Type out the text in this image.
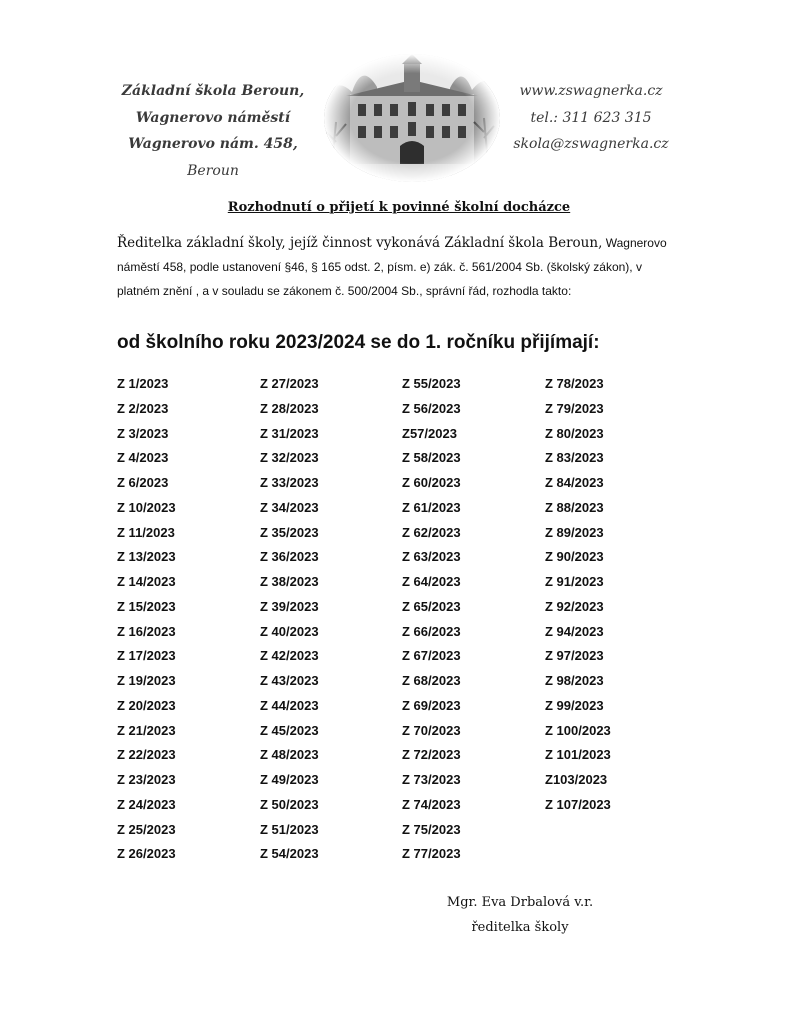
Základní škola Beroun,
Wagnerovo náměstí
Wagnerovo nám. 458, Beroun
www.zswagnerka.cz
tel.: 311 623 315
skola@zswagnerka.cz
Rozhodnutí o přijetí k povinné školní docházce
Ředitelka základní školy, jejíž činnost vykonává Základní škola Beroun, Wagnerovo náměstí 458, podle ustanovení §46, § 165 odst. 2, písm. e) zák. č. 561/2004 Sb. (školský zákon), v platném znění , a v souladu se zákonem č. 500/2004 Sb., správní řád, rozhodla takto:
od školního roku 2023/2024 se do 1. ročníku přijímají:
Z 1/2023
Z 2/2023
Z 3/2023
Z 4/2023
Z 6/2023
Z 10/2023
Z 11/2023
Z 13/2023
Z 14/2023
Z 15/2023
Z 16/2023
Z 17/2023
Z 19/2023
Z 20/2023
Z 21/2023
Z 22/2023
Z 23/2023
Z 24/2023
Z 25/2023
Z 26/2023
Z 27/2023
Z 28/2023
Z 31/2023
Z 32/2023
Z 33/2023
Z 34/2023
Z 35/2023
Z 36/2023
Z 38/2023
Z 39/2023
Z 40/2023
Z 42/2023
Z 43/2023
Z 44/2023
Z 45/2023
Z 48/2023
Z 49/2023
Z 50/2023
Z 51/2023
Z 54/2023
Z 55/2023
Z 56/2023
Z57/2023
Z 58/2023
Z 60/2023
Z 61/2023
Z 62/2023
Z 63/2023
Z 64/2023
Z 65/2023
Z 66/2023
Z 67/2023
Z 68/2023
Z 69/2023
Z 70/2023
Z 72/2023
Z 73/2023
Z 74/2023
Z 75/2023
Z 77/2023
Z 78/2023
Z 79/2023
Z 80/2023
Z 83/2023
Z 84/2023
Z 88/2023
Z 89/2023
Z 90/2023
Z 91/2023
Z 92/2023
Z 94/2023
Z 97/2023
Z 98/2023
Z 99/2023
Z 100/2023
Z 101/2023
Z103/2023
Z 107/2023
Mgr. Eva Drbalová v.r.
ředitelka školy
